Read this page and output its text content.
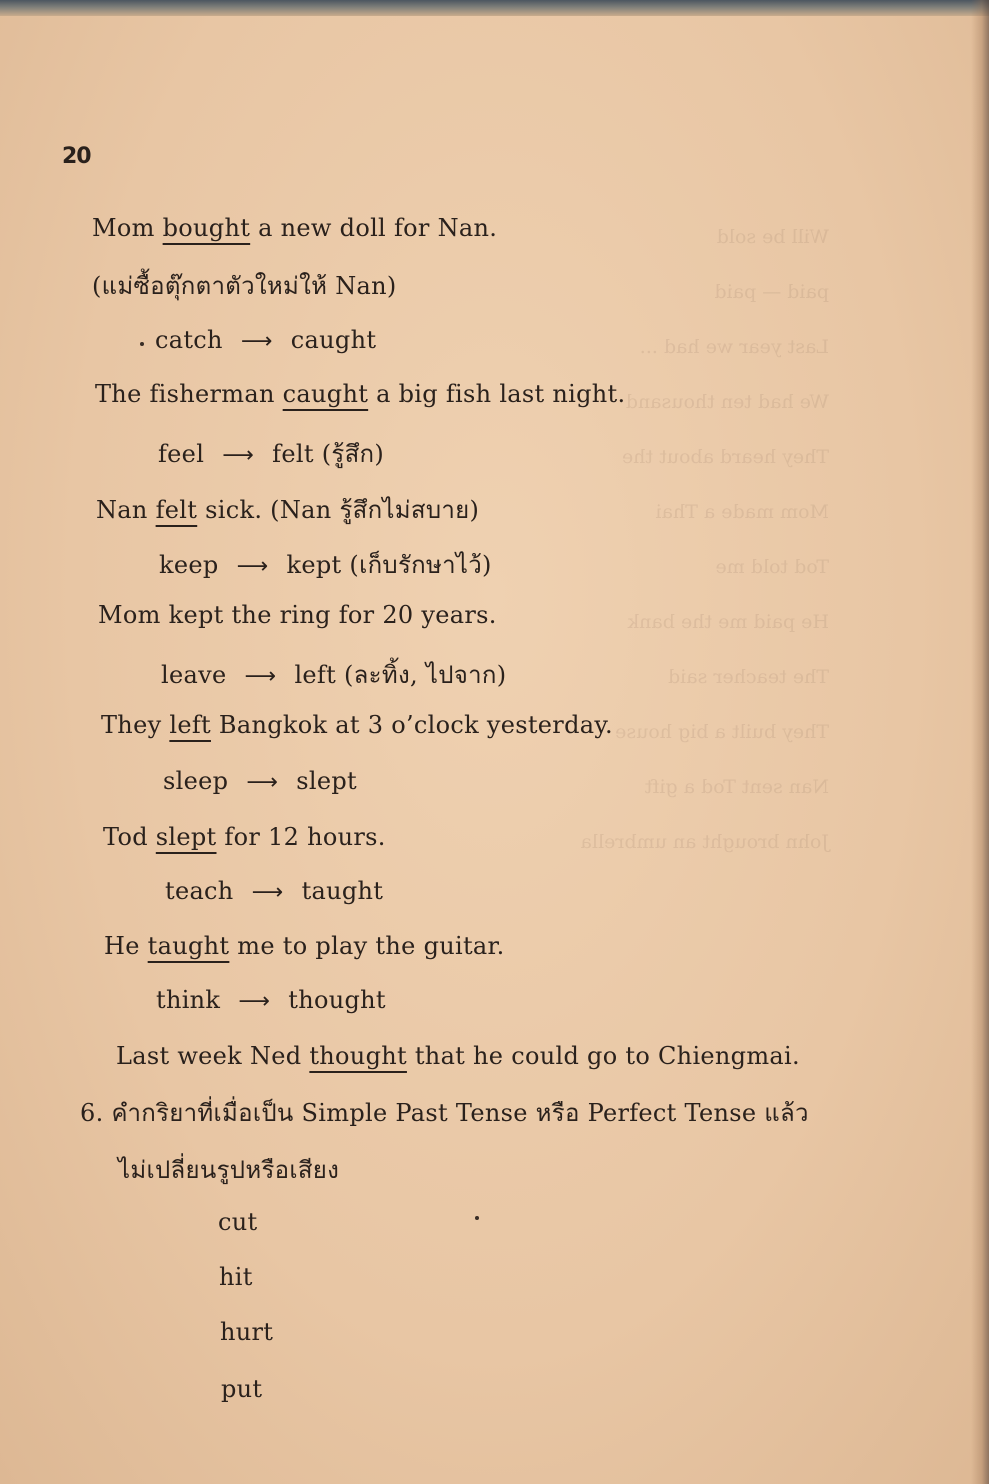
Will be sold
paid — paid
Last year we had ...
We had ten thousand
They heard about the
Mom made a Thai
Tod told me
He paid me the bank
The teacher said
They built a big house
Nan sent Tod a gift
John brought an umbrella
20
Mom bought a new doll for Nan.
(แม่ซื้อตุ๊กตาตัวใหม่ให้ Nan)
catch ⟶ caught
The fisherman caught a big fish last night.
feel ⟶ felt (รู้สึก)
Nan felt sick. (Nan รู้สึกไม่สบาย)
keep ⟶ kept (เก็บรักษาไว้)
Mom kept the ring for 20 years.
leave ⟶ left (ละทิ้ง, ไปจาก)
They left Bangkok at 3 o’clock yesterday.
sleep ⟶ slept
Tod slept for 12 hours.
teach ⟶ taught
He taught me to play the guitar.
think ⟶ thought
Last week Ned thought that he could go to Chiengmai.
6. คำกริยาที่เมื่อเป็น Simple Past Tense หรือ Perfect Tense แล้ว
ไม่เปลี่ยนรูปหรือเสียง
cut
hit
hurt
put
